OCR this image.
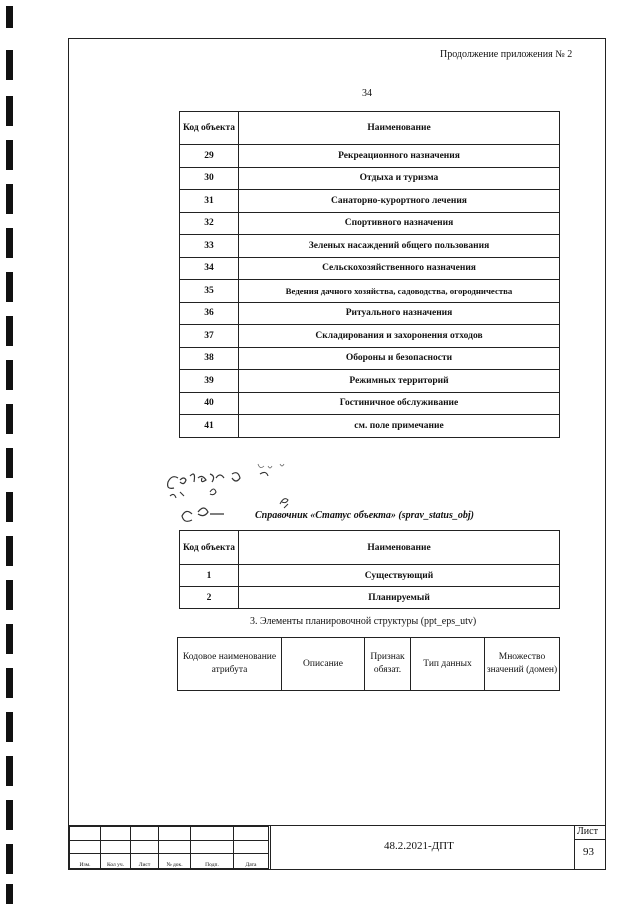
Продолжение приложения № 2
34
Код объекта	Наименование
29	Рекреационного назначения
30	Отдыха и туризма
31	Санаторно-курортного лечения
32	Спортивного назначения
33	Зеленых насаждений общего пользования
34	Сельскохозяйственного назначения
35	Ведения дачного хозяйства, садоводства, огородничества
36	Ритуального назначения
37	Складирования и захоронения отходов
38	Обороны и безопасности
39	Режимных территорий
40	Гостиничное обслуживание
41	см. поле примечание
Справочник «Статус объекта» (sprav_status_obj)
Код объекта	Наименование
1	Существующий
2	Планируемый
3. Элементы планировочной структуры (ppt_eps_utv)
Кодовое наименование атрибута	Описание	Признак обязат.	Тип данных	Множество значений (домен)

Изм.	Кол уч.	Лист	№ док.	Подп.	Дата
48.2.2021-ДПТ
Лист
93
